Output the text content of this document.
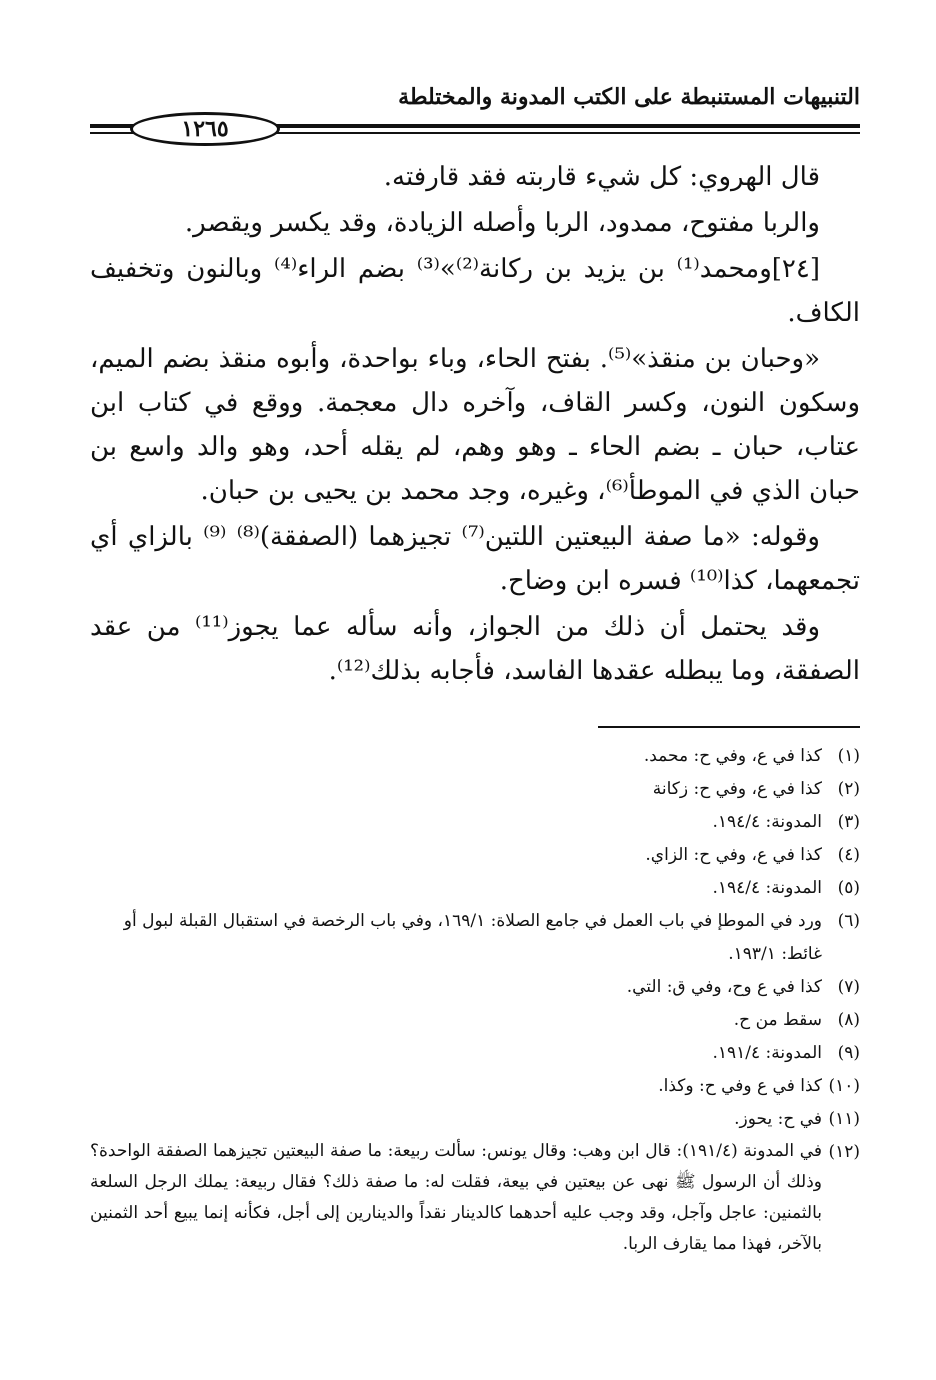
التنبيهات المستنبطة على الكتب المدونة والمختلطة
١٢٦٥

قال الهروي: كل شيء قاربته فقد قارفته.

والربا مفتوح، ممدود، الربا وأصله الزيادة، وقد يكسر ويقصر.

[٢٤]ومحمد⁽¹⁾ بن يزيد بن ركانة⁽²⁾»⁽³⁾ بضم الراء⁽⁴⁾ وبالنون وتخفيف الكاف.

«وحبان بن منقذ»⁽⁵⁾. بفتح الحاء، وباء بواحدة، وأبوه منقذ بضم الميم، وسكون النون، وكسر القاف، وآخره دال معجمة. ووقع في كتاب ابن عتاب، حبان ـ بضم الحاء ـ وهو وهم، لم يقله أحد، وهو والد واسع بن حبان الذي في الموطأ⁽⁶⁾، وغيره، وجد محمد بن يحيى بن حبان.

وقوله: «ما صفة البيعتين اللتين⁽⁷⁾ تجيزهما (الصفقة)⁽⁸⁾ ⁽⁹⁾ بالزاي أي تجمعهما، كذا⁽¹⁰⁾ فسره ابن وضاح.

وقد يحتمل أن ذلك من الجواز، وأنه سأله عما يجوز⁽¹¹⁾ من عقد الصفقة، وما يبطله عقدها الفاسد، فأجابه بذلك⁽¹²⁾.

(١)
كذا في ع، وفي ح: محمد.
(٢)
كذا في ع، وفي ح: زكانة
(٣)
المدونة: ١٩٤/٤.
(٤)
كذا في ع، وفي ح: الزاي.
(٥)
المدونة: ١٩٤/٤.
(٦)
ورد في الموطإ في باب العمل في جامع الصلاة: ١٦٩/١، وفي باب الرخصة في استقبال القبلة لبول أو غائط: ١٩٣/١.
(٧)
كذا في ع وح، وفي ق: التي.
(٨)
سقط من ح.
(٩)
المدونة: ١٩١/٤.
(١٠)
كذا في ع وفي ح: وكذا.
(١١)
في ح: يحوز.
(١٢)
في المدونة (١٩١/٤): قال ابن وهب: وقال يونس: سألت ربيعة: ما صفة البيعتين تجيزهما الصفقة الواحدة؟ وذلك أن الرسول ﷺ نهى عن بيعتين في بيعة، فقلت له: ما صفة ذلك؟ فقال ربيعة: يملك الرجل السلعة بالثمنين: عاجل وآجل، وقد وجب عليه أحدهما كالدينار نقداً والدينارين إلى أجل، فكأنه إنما يبيع أحد الثمنين بالآخر، فهذا مما يقارف الربا.
